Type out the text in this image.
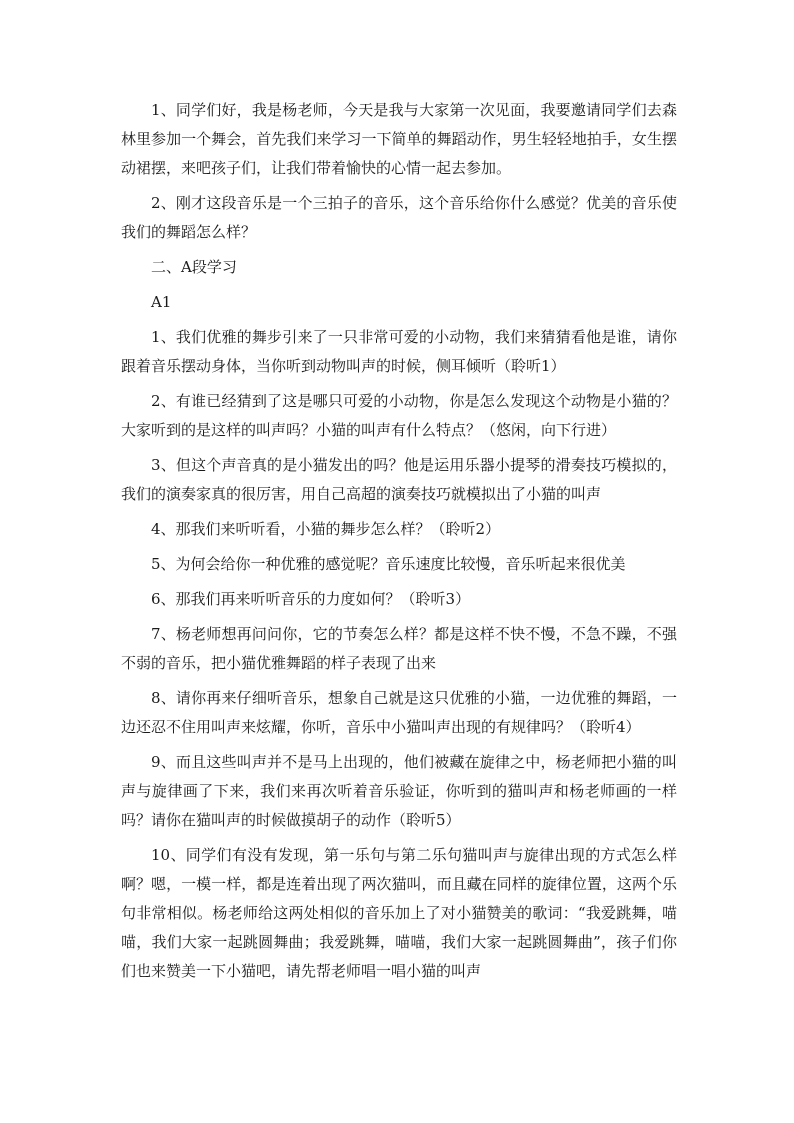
1、同学们好，我是杨老师，今天是我与大家第一次见面，我要邀请同学们去森林里参加一个舞会，首先我们来学习一下简单的舞蹈动作，男生轻轻地拍手，女生摆动裙摆，来吧孩子们，让我们带着愉快的心情一起去参加。

2、刚才这段音乐是一个三拍子的音乐，这个音乐给你什么感觉？优美的音乐使我们的舞蹈怎么样？

二、A段学习

A1

1、我们优雅的舞步引来了一只非常可爱的小动物，我们来猜猜看他是谁，请你跟着音乐摆动身体，当你听到动物叫声的时候，侧耳倾听（聆听1）

2、有谁已经猜到了这是哪只可爱的小动物，你是怎么发现这个动物是小猫的？大家听到的是这样的叫声吗？小猫的叫声有什么特点？（悠闲，向下行进）

3、但这个声音真的是小猫发出的吗？他是运用乐器小提琴的滑奏技巧模拟的，我们的演奏家真的很厉害，用自己高超的演奏技巧就模拟出了小猫的叫声

4、那我们来听听看，小猫的舞步怎么样？（聆听2）

5、为何会给你一种优雅的感觉呢？音乐速度比较慢，音乐听起来很优美

6、那我们再来听听音乐的力度如何？（聆听3）

7、杨老师想再问问你，它的节奏怎么样？都是这样不快不慢，不急不躁，不强不弱的音乐，把小猫优雅舞蹈的样子表现了出来

8、请你再来仔细听音乐，想象自己就是这只优雅的小猫，一边优雅的舞蹈，一边还忍不住用叫声来炫耀，你听，音乐中小猫叫声出现的有规律吗？（聆听4）

9、而且这些叫声并不是马上出现的，他们被藏在旋律之中，杨老师把小猫的叫声与旋律画了下来，我们来再次听着音乐验证，你听到的猫叫声和杨老师画的一样吗？请你在猫叫声的时候做摸胡子的动作（聆听5）

10、同学们有没有发现，第一乐句与第二乐句猫叫声与旋律出现的方式怎么样啊？嗯，一模一样，都是连着出现了两次猫叫，而且藏在同样的旋律位置，这两个乐句非常相似。杨老师给这两处相似的音乐加上了对小猫赞美的歌词：“我爱跳舞，喵喵，我们大家一起跳圆舞曲；我爱跳舞，喵喵，我们大家一起跳圆舞曲”，孩子们你们也来赞美一下小猫吧，请先帮老师唱一唱小猫的叫声
